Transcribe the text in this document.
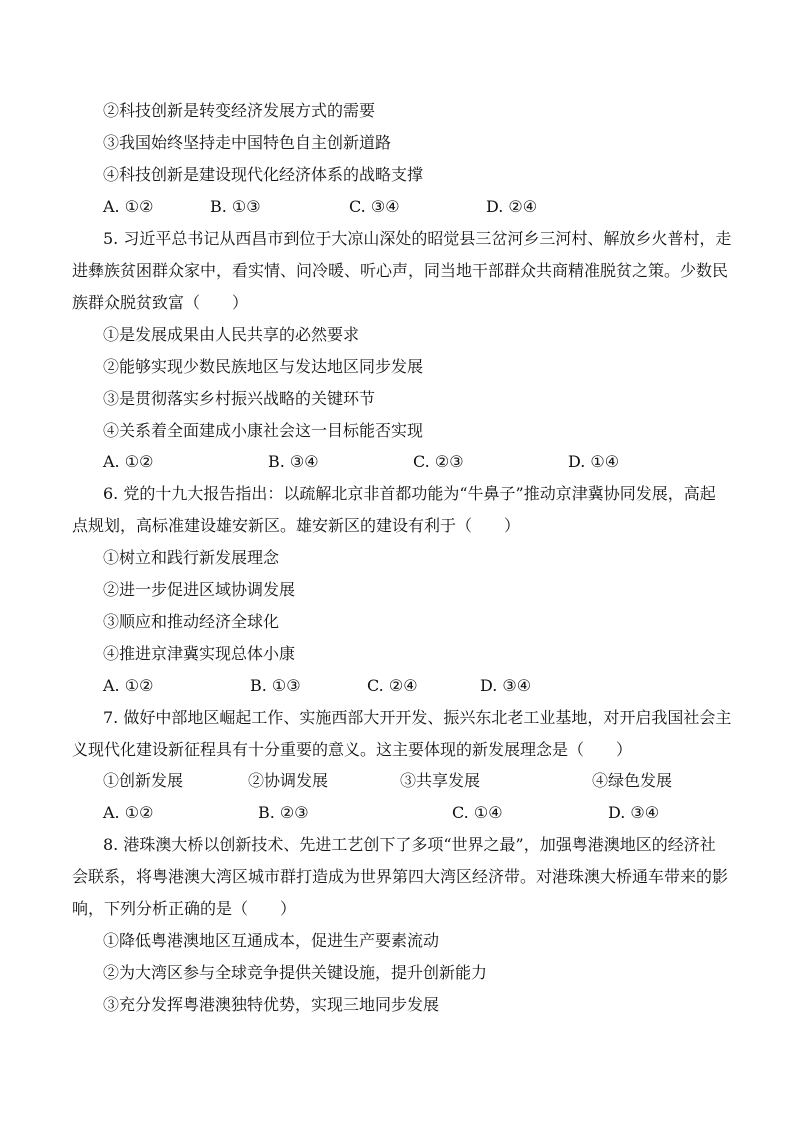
②科技创新是转变经济发展方式的需要
③我国始终坚持走中国特色自主创新道路
④科技创新是建设现代化经济体系的战略支撑
A. ①②	B. ①③	C. ③④	D. ②④
5. 习近平总书记从西昌市到位于大凉山深处的昭觉县三岔河乡三河村、解放乡火普村，走
进彝族贫困群众家中，看实情、问冷暖、听心声，同当地干部群众共商精准脱贫之策。少数民
族群众脱贫致富（　　）
①是发展成果由人民共享的必然要求
②能够实现少数民族地区与发达地区同步发展
③是贯彻落实乡村振兴战略的关键环节
④关系着全面建成小康社会这一目标能否实现
A. ①②	B. ③④	C. ②③	D. ①④
6. 党的十九大报告指出：以疏解北京非首都功能为“牛鼻子”推动京津冀协同发展，高起
点规划，高标准建设雄安新区。雄安新区的建设有利于（　　）
①树立和践行新发展理念
②进一步促进区域协调发展
③顺应和推动经济全球化
④推进京津冀实现总体小康
A. ①②	B. ①③	C. ②④	D. ③④
7. 做好中部地区崛起工作、实施西部大开开发、振兴东北老工业基地，对开启我国社会主
义现代化建设新征程具有十分重要的意义。这主要体现的新发展理念是（　　）
①创新发展	②协调发展	③共享发展	④绿色发展
A. ①②	B. ②③	C. ①④	D. ③④
8. 港珠澳大桥以创新技术、先进工艺创下了多项“世界之最”，加强粤港澳地区的经济社
会联系，将粤港澳大湾区城市群打造成为世界第四大湾区经济带。对港珠澳大桥通车带来的影
响，下列分析正确的是（　　）
①降低粤港澳地区互通成本，促进生产要素流动
②为大湾区参与全球竞争提供关键设施，提升创新能力
③充分发挥粤港澳独特优势，实现三地同步发展
